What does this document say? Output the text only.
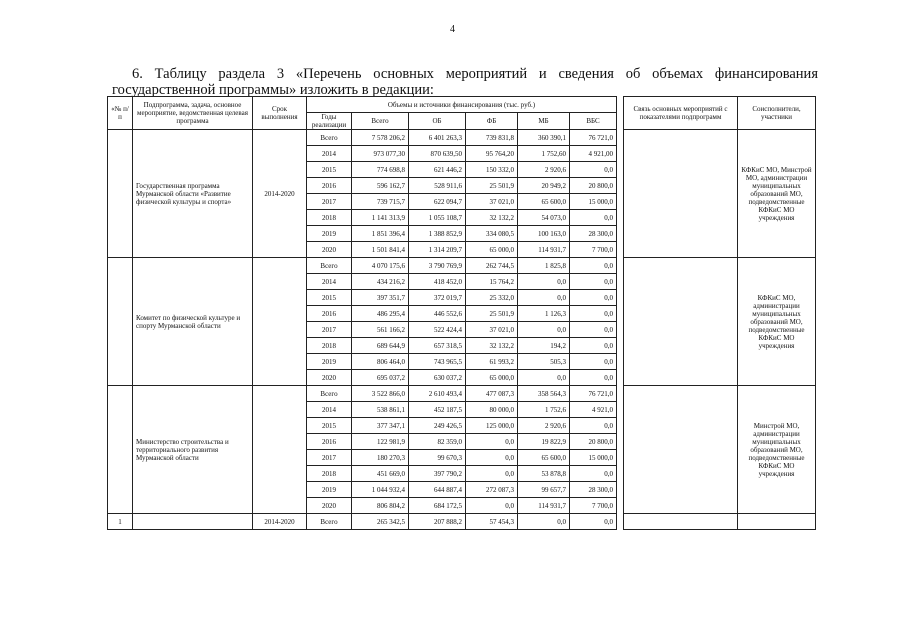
4
6. Таблицу раздела 3 «Перечень основных мероприятий и сведения об объемах финансирования государственной программы» изложить в редакции:
«№ п/п	Подпрограмма, задача, основное мероприятие, ведомственная целевая программа	Срок выполнения	Объемы и источники финансирования (тыс. руб.)							Связь основных мероприятий с показателями подпрограмм	Соисполнители, участники
			Годы реализации	Всего	ОБ	ФБ	МБ	ВБС			
	Государственная программа Мурманской области «Развитие физической культуры и спорта»	2014-2020	Всего	7 578 206,2	6 401 263,3	739 831,8	360 390,1	76 721,0			КФКиС МО, Минстрой МО, администрации муниципальных образований МО, подведомственные КФКиС МО учреждения
			2014	973 077,30	870 639,50	95 764,20	1 752,60	4 921,00			
			2015	774 698,8	621 446,2	150 332,0	2 920,6	0,0			
			2016	596 162,7	528 911,6	25 501,9	20 949,2	20 800,0			
			2017	739 715,7	622 094,7	37 021,0	65 600,0	15 000,0			
			2018	1 141 313,9	1 055 108,7	32 132,2	54 073,0	0,0			
			2019	1 851 396,4	1 388 852,9	334 080,5	100 163,0	28 300,0			
			2020	1 501 841,4	1 314 209,7	65 000,0	114 931,7	7 700,0			
	Комитет по физической культуре и спорту Мурманской области		Всего	4 070 175,6	3 790 769,9	262 744,5	1 825,8	0,0			КФКиС МО, администрации муниципальных образований МО, подведомственные КФКиС МО учреждения
			2014	434 216,2	418 452,0	15 764,2	0,0	0,0			
			2015	397 351,7	372 019,7	25 332,0	0,0	0,0			
			2016	486 295,4	446 552,6	25 501,9	1 126,3	0,0			
			2017	561 166,2	522 424,4	37 021,0	0,0	0,0			
			2018	689 644,9	657 318,5	32 132,2	194,2	0,0			
			2019	806 464,0	743 965,5	61 993,2	505,3	0,0			
			2020	695 037,2	630 037,2	65 000,0	0,0	0,0			
	Министерство строительства и территориального развития Мурманской области		Всего	3 522 866,0	2 610 493,4	477 087,3	358 564,3	76 721,0			Минстрой МО, администрации муниципальных образований МО, подведомственные КФКиС МО учреждения
			2014	538 861,1	452 187,5	80 000,0	1 752,6	4 921,0			
			2015	377 347,1	249 426,5	125 000,0	2 920,6	0,0			
			2016	122 981,9	82 359,0	0,0	19 822,9	20 800,0			
			2017	180 270,3	99 670,3	0,0	65 600,0	15 000,0			
			2018	451 669,0	397 790,2	0,0	53 878,8	0,0			
			2019	1 044 932,4	644 887,4	272 087,3	99 657,7	28 300,0			
			2020	806 804,2	684 172,5	0,0	114 931,7	7 700,0			
1		2014-2020	Всего	265 342,5	207 888,2	57 454,3	0,0	0,0			
